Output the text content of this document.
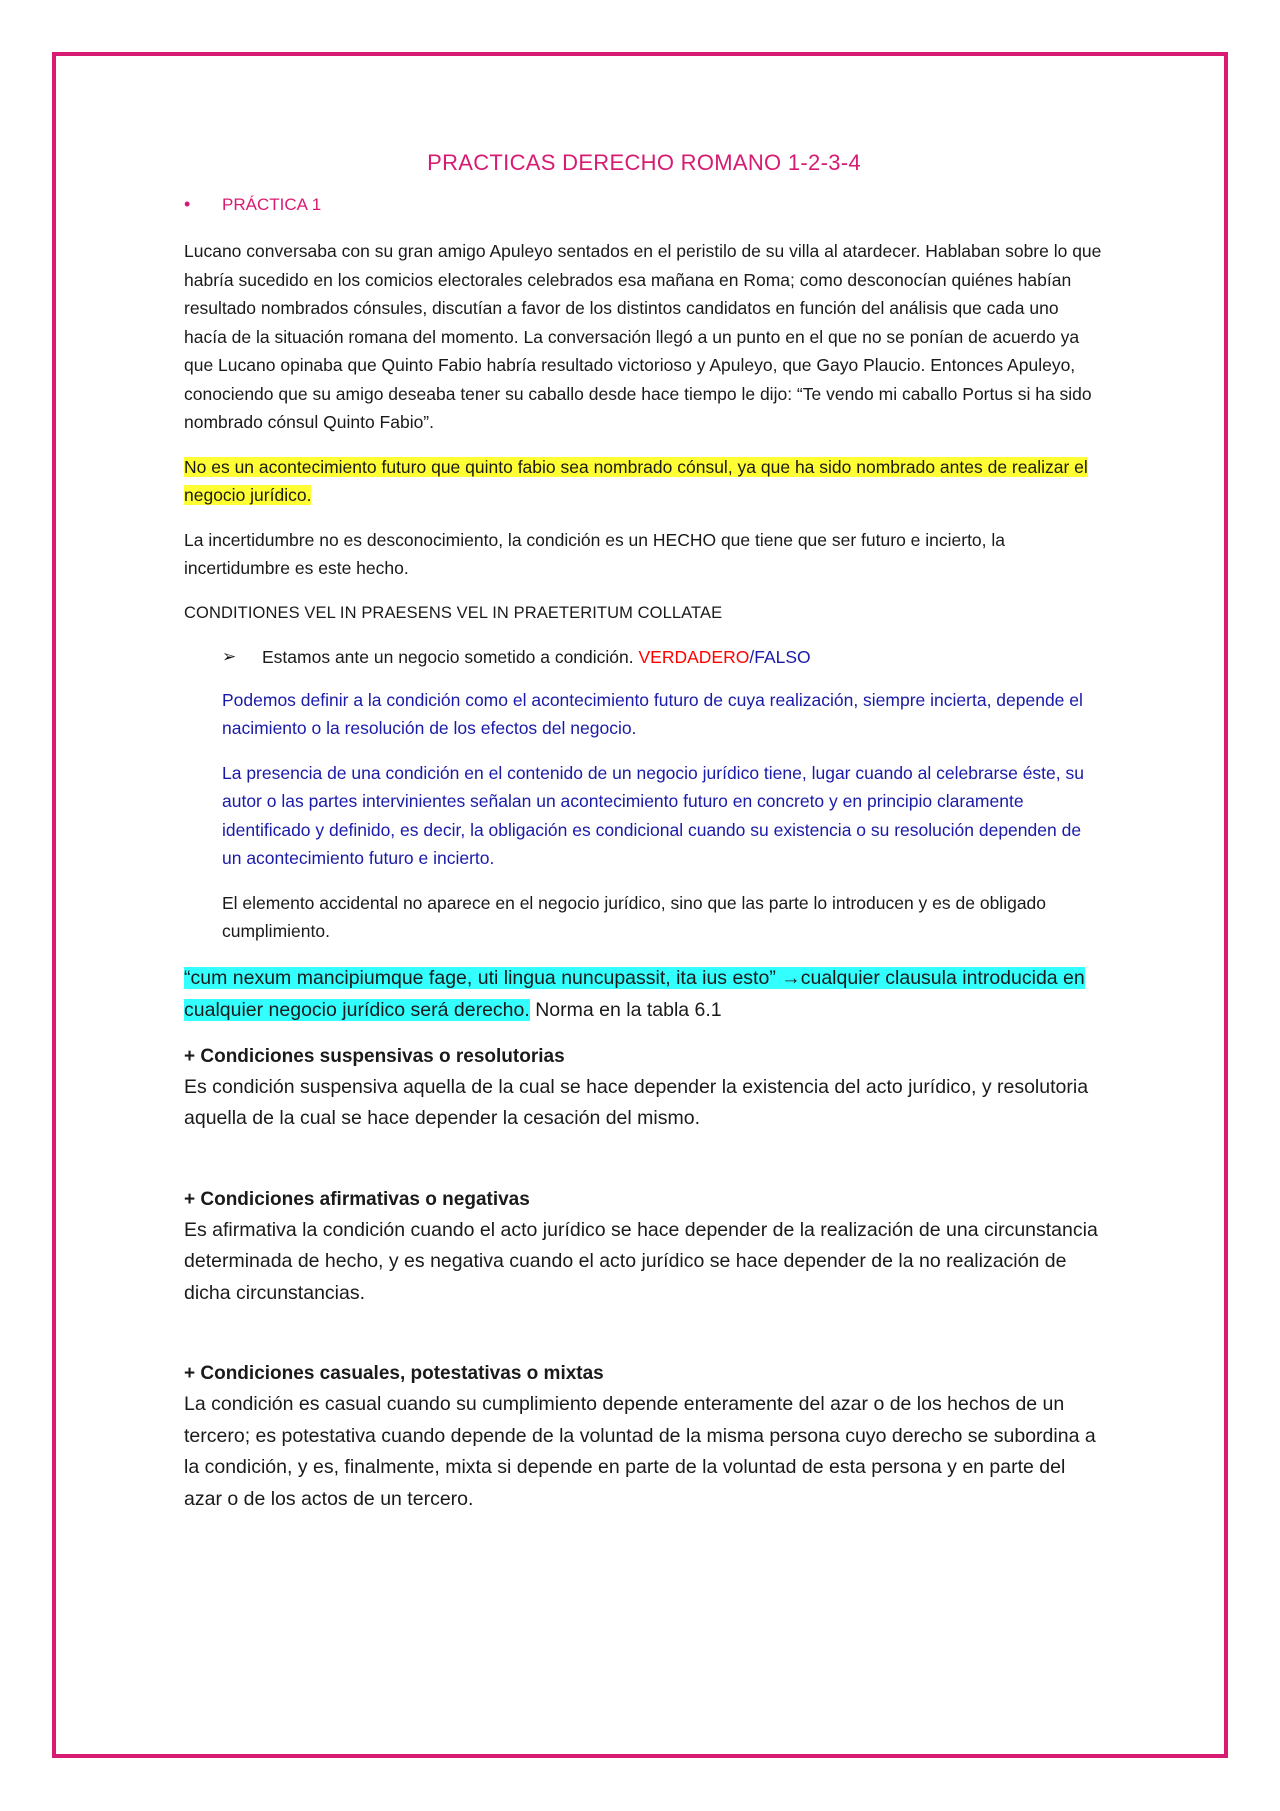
PRACTICAS DERECHO ROMANO 1-2-3-4
•	PRÁCTICA 1

Lucano conversaba con su gran amigo Apuleyo sentados en el peristilo de su villa al atardecer. Hablaban sobre lo que habría sucedido en los comicios electorales celebrados esa mañana en Roma; como desconocían quiénes habían resultado nombrados cónsules, discutían a favor de los distintos candidatos en función del análisis que cada uno hacía de la situación romana del momento. La conversación llegó a un punto en el que no se ponían de acuerdo ya que Lucano opinaba que Quinto Fabio habría resultado victorioso y Apuleyo, que Gayo Plaucio. Entonces Apuleyo, conociendo que su amigo deseaba tener su caballo desde hace tiempo le dijo: “Te vendo mi caballo Portus si ha sido nombrado cónsul Quinto Fabio”.

No es un acontecimiento futuro que quinto fabio sea nombrado cónsul, ya que ha sido nombrado antes de realizar el negocio jurídico.

La incertidumbre no es desconocimiento, la condición es un HECHO que tiene que ser futuro e incierto, la incertidumbre es este hecho.

CONDITIONES VEL IN PRAESENS VEL IN PRAETERITUM COLLATAE

➢	Estamos ante un negocio sometido a condición. VERDADERO/FALSO

Podemos definir a la condición como el acontecimiento futuro de cuya realización, siempre incierta, depende el nacimiento o la resolución de los efectos del negocio.

La presencia de una condición en el contenido de un negocio jurídico tiene, lugar cuando al celebrarse éste, su autor o las partes intervinientes señalan un acontecimiento futuro en concreto y en principio claramente identificado y definido, es decir, la obligación es condicional cuando su existencia o su resolución dependen de un acontecimiento futuro e incierto.

El elemento accidental no aparece en el negocio jurídico, sino que las parte lo introducen y es de obligado cumplimiento.

“cum nexum mancipiumque fage, uti lingua nuncupassit, ita ius esto” →cualquier clausula introducida en cualquier negocio jurídico será derecho. Norma en la tabla 6.1

+ Condiciones suspensivas o resolutorias

Es condición suspensiva aquella de la cual se hace depender la existencia del acto jurídico, y resolutoria aquella de la cual se hace depender la cesación del mismo.

+ Condiciones afirmativas o negativas

Es afirmativa la condición cuando el acto jurídico se hace depender de la realización de una circunstancia determinada de hecho, y es negativa cuando el acto jurídico se hace depender de la no realización de dicha circunstancias.

+ Condiciones casuales, potestativas o mixtas

La condición es casual cuando su cumplimiento depende enteramente del azar o de los hechos de un tercero; es potestativa cuando depende de la voluntad de la misma persona cuyo derecho se subordina a la condición, y es, finalmente, mixta si depende en parte de la voluntad de esta persona y en parte del azar o de los actos de un tercero.
